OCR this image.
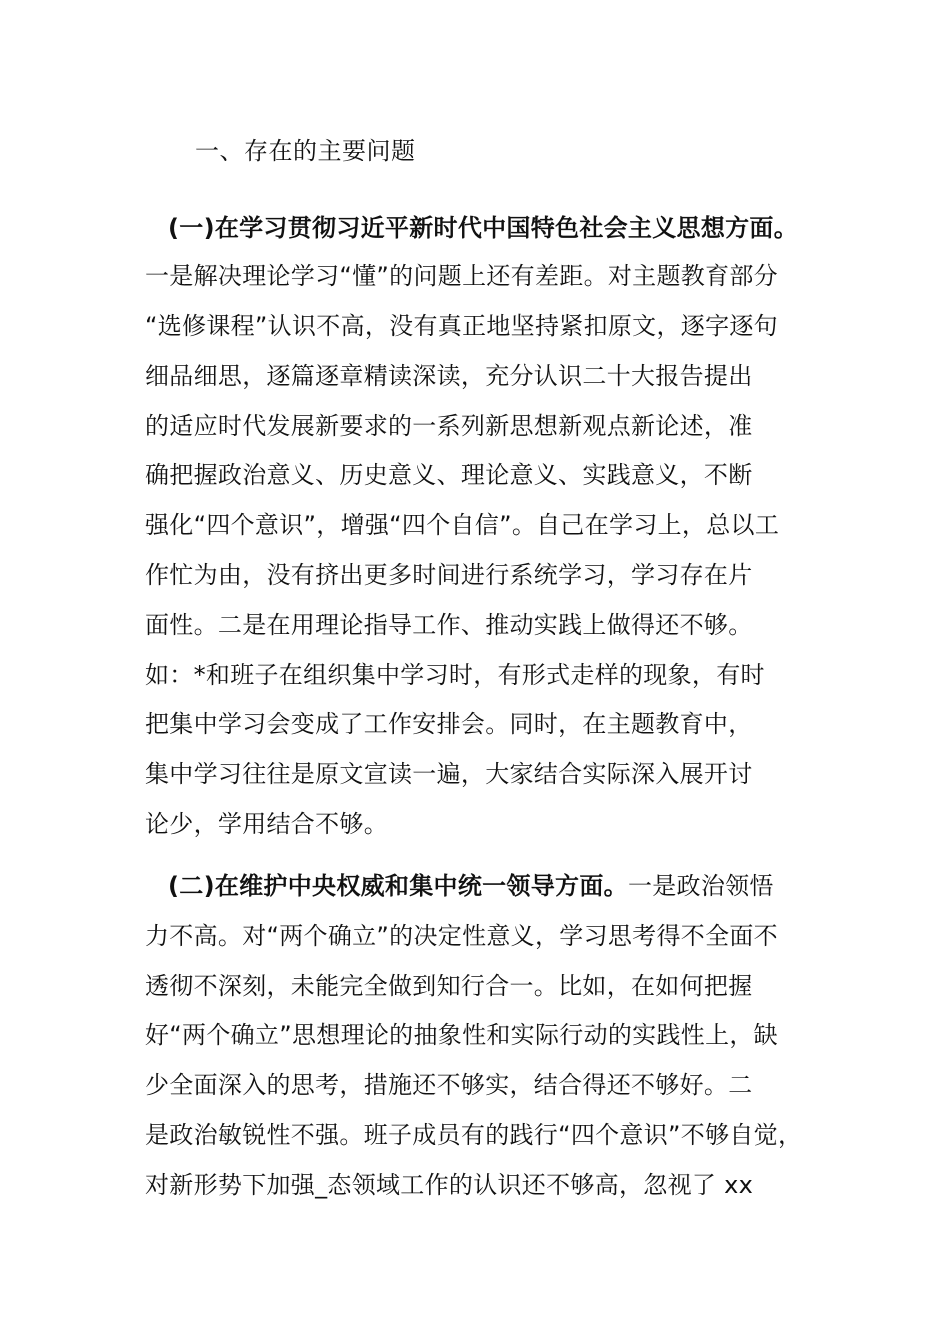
一、存在的主要问题
(一)在学习贯彻习近平新时代中国特色社会主义思想方面。
一是解决理论学习“懂”的问题上还有差距。对主题教育部分
“选修课程”认识不高，没有真正地坚持紧扣原文，逐字逐句
细品细思，逐篇逐章精读深读，充分认识二十大报告提出
的适应时代发展新要求的一系列新思想新观点新论述，准
确把握政治意义、历史意义、理论意义、实践意义，不断
强化“四个意识”，增强“四个自信”。自己在学习上，总以工
作忙为由，没有挤出更多时间进行系统学习，学习存在片
面性。二是在用理论指导工作、推动实践上做得还不够。
如：*和班子在组织集中学习时，有形式走样的现象，有时
把集中学习会变成了工作安排会。同时，在主题教育中，
集中学习往往是原文宣读一遍，大家结合实际深入展开讨
论少，学用结合不够。
(二)在维护中央权威和集中统一领导方面。一是政治领悟
力不高。对“两个确立”的决定性意义，学习思考得不全面不
透彻不深刻，未能完全做到知行合一。比如，在如何把握
好“两个确立”思想理论的抽象性和实际行动的实践性上，缺
少全面深入的思考，措施还不够实，结合得还不够好。二
是政治敏锐性不强。班子成员有的践行“四个意识”不够自觉，
对新形势下加强_态领域工作的认识还不够高，忽视了 xx
